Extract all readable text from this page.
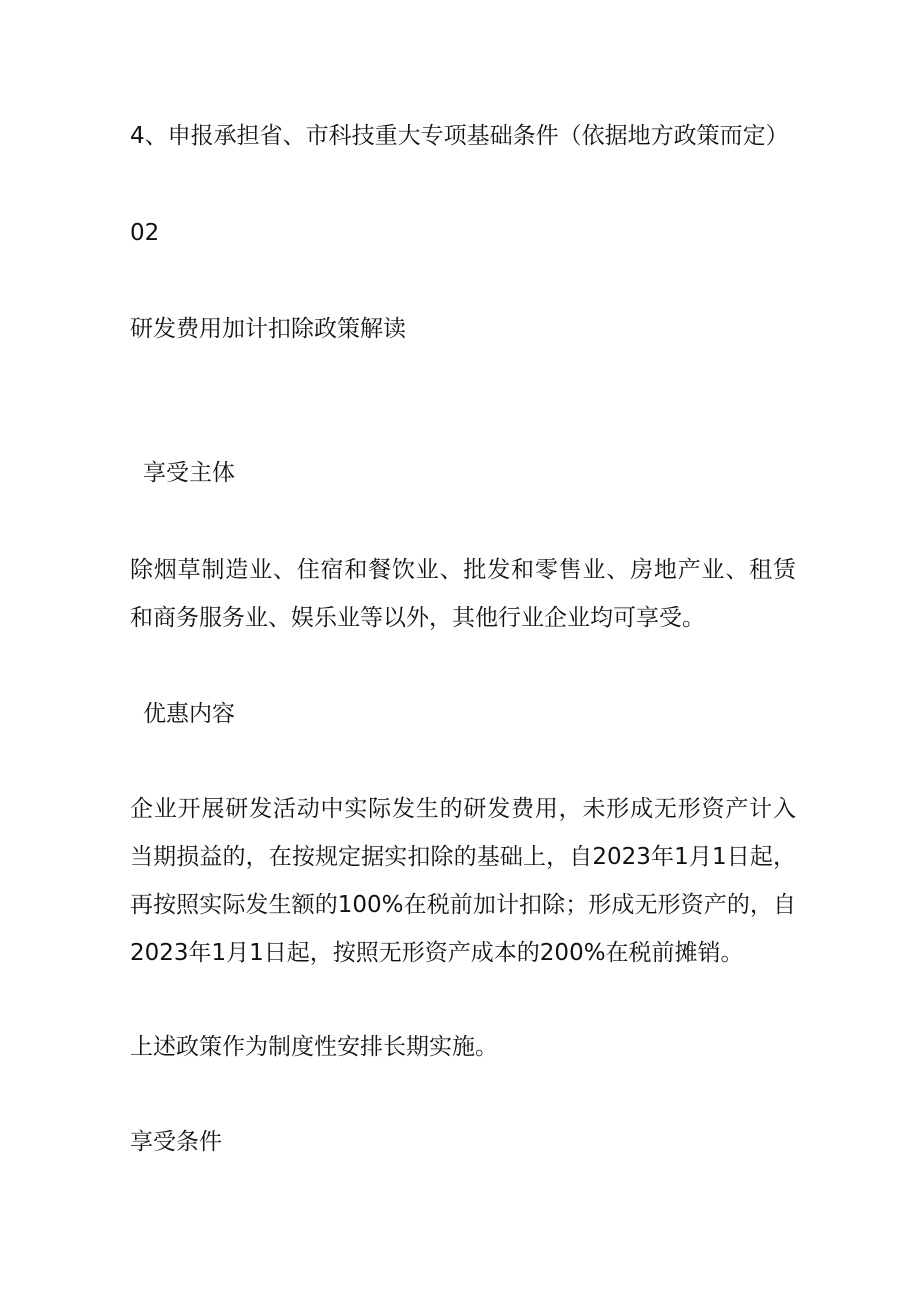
4、申报承担省、市科技重大专项基础条件（依据地方政策而定）
02
研发费用加计扣除政策解读
享受主体
除烟草制造业、住宿和餐饮业、批发和零售业、房地产业、租赁和商务服务业、娱乐业等以外，其他行业企业均可享受。
优惠内容
企业开展研发活动中实际发生的研发费用，未形成无形资产计入当期损益的，在按规定据实扣除的基础上，自2023年1月1日起，再按照实际发生额的100%在税前加计扣除；形成无形资产的，自2023年1月1日起，按照无形资产成本的200%在税前摊销。
上述政策作为制度性安排长期实施。
享受条件
